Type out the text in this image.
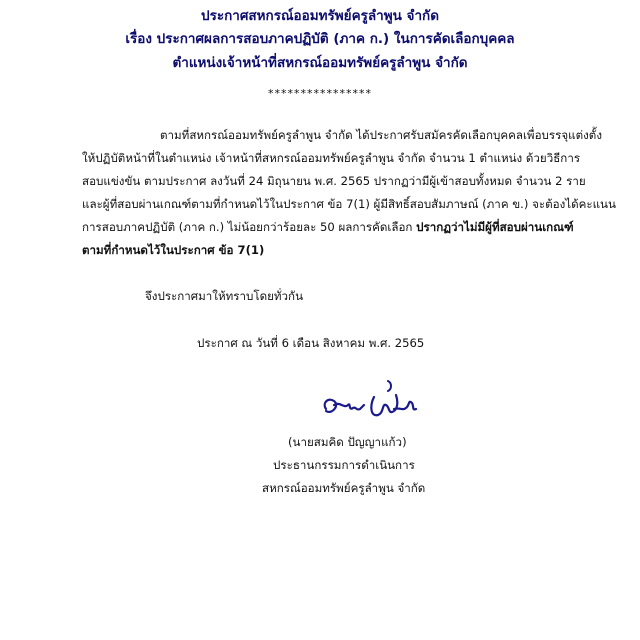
ประกาศสหกรณ์ออมทรัพย์ครูลำพูน จำกัด
เรื่อง ประกาศผลการสอบภาคปฏิบัติ (ภาค ก.) ในการคัดเลือกบุคคล
ตำแหน่งเจ้าหน้าที่สหกรณ์ออมทรัพย์ครูลำพูน จำกัด
****************
ตามที่สหกรณ์ออมทรัพย์ครูลำพูน จำกัด ได้ประกาศรับสมัครคัดเลือกบุคคลเพื่อบรรจุแต่งตั้ง
ให้ปฏิบัติหน้าที่ในตำแหน่ง เจ้าหน้าที่สหกรณ์ออมทรัพย์ครูลำพูน จำกัด จำนวน 1 ตำแหน่ง ด้วยวิธีการ
สอบแข่งขัน ตามประกาศ ลงวันที่ 24 มิถุนายน พ.ศ. 2565 ปรากฏว่ามีผู้เข้าสอบทั้งหมด จำนวน 2 ราย
และผู้ที่สอบผ่านเกณฑ์ตามที่กำหนดไว้ในประกาศ ข้อ 7(1) ผู้มีสิทธิ์สอบสัมภาษณ์ (ภาค ข.) จะต้องได้คะแนน
การสอบภาคปฏิบัติ (ภาค ก.) ไม่น้อยกว่าร้อยละ 50 ผลการคัดเลือก ปรากฏว่าไม่มีผู้ที่สอบผ่านเกณฑ์
ตามที่กำหนดไว้ในประกาศ ข้อ 7(1)
จึงประกาศมาให้ทราบโดยทั่วกัน
ประกาศ ณ วันที่ 6 เดือน สิงหาคม พ.ศ. 2565
(นายสมคิด ปัญญาแก้ว)
ประธานกรรมการดำเนินการ
สหกรณ์ออมทรัพย์ครูลำพูน จำกัด
